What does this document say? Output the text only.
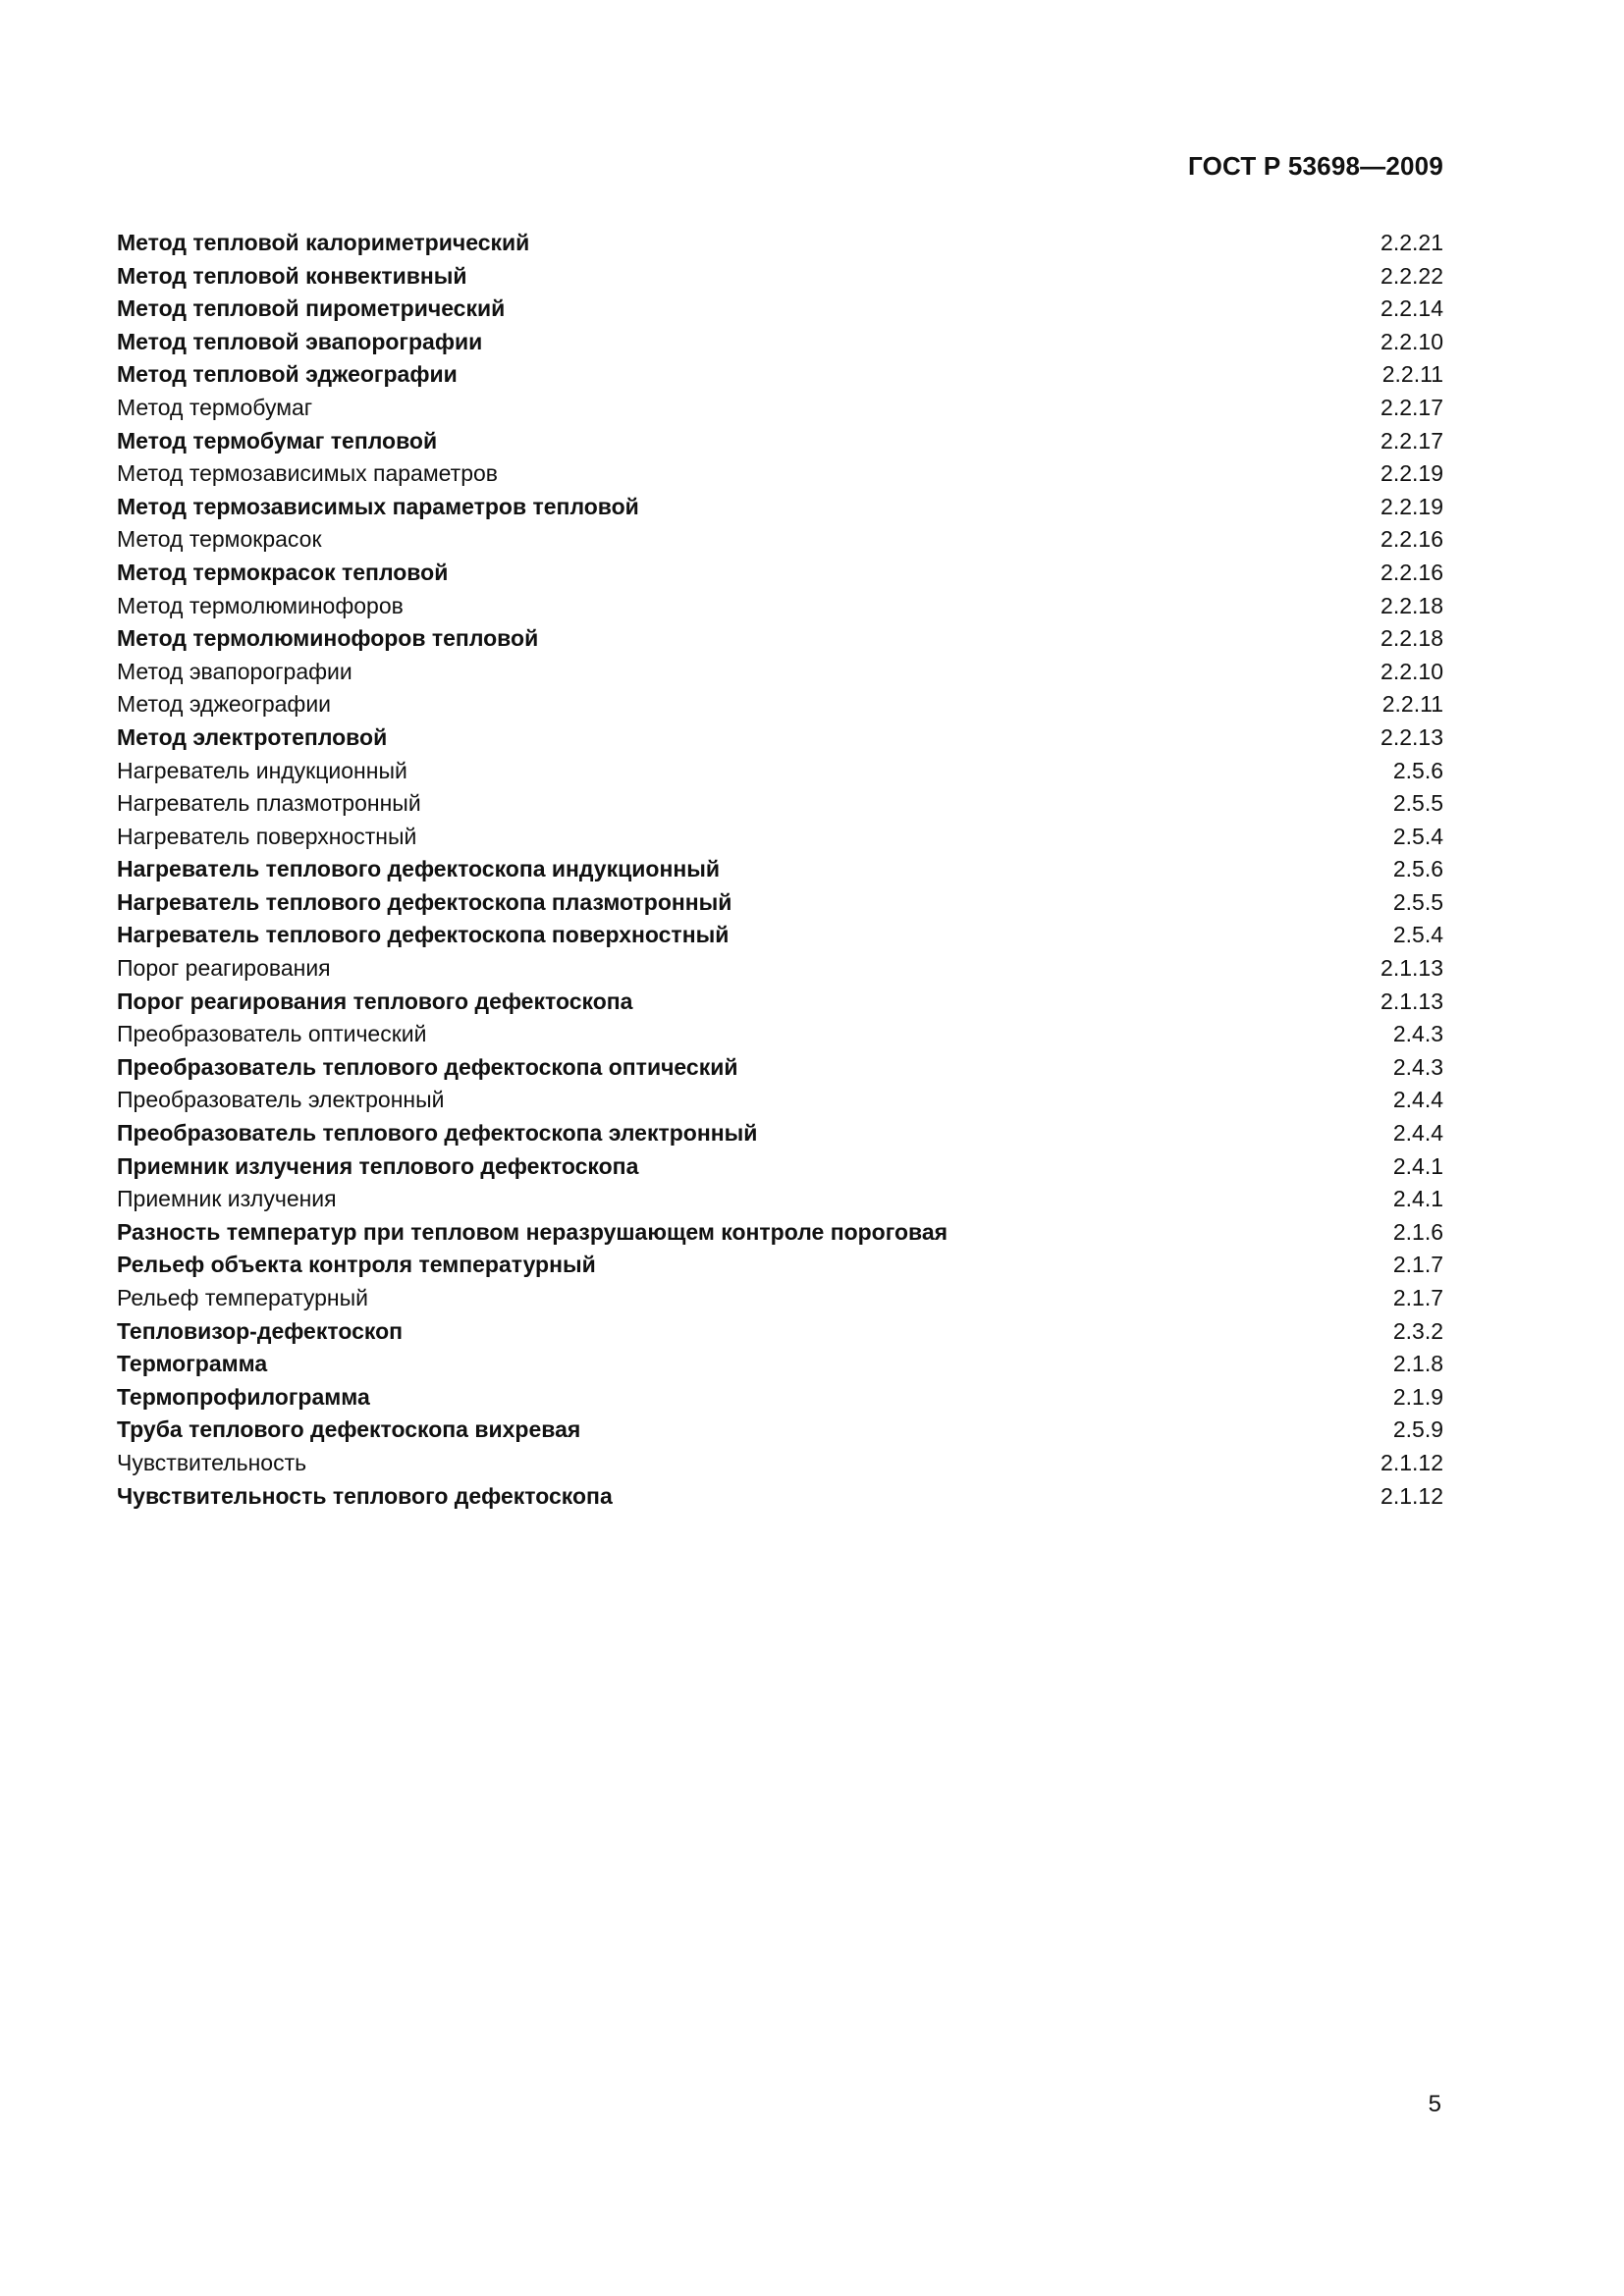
ГОСТ Р 53698—2009
Метод тепловой калориметрический	2.2.21
Метод тепловой конвективный	2.2.22
Метод тепловой пирометрический	2.2.14
Метод тепловой эвапорографии	2.2.10
Метод тепловой эджеографии	2.2.11
Метод термобумаг	2.2.17
Метод термобумаг тепловой	2.2.17
Метод термозависимых параметров	2.2.19
Метод термозависимых параметров тепловой	2.2.19
Метод термокрасок	2.2.16
Метод термокрасок тепловой	2.2.16
Метод термолюминофоров	2.2.18
Метод термолюминофоров тепловой	2.2.18
Метод эвапорографии	2.2.10
Метод эджеографии	2.2.11
Метод электротепловой	2.2.13
Нагреватель индукционный	2.5.6
Нагреватель плазмотронный	2.5.5
Нагреватель поверхностный	2.5.4
Нагреватель теплового дефектоскопа индукционный	2.5.6
Нагреватель теплового дефектоскопа плазмотронный	2.5.5
Нагреватель теплового дефектоскопа поверхностный	2.5.4
Порог реагирования	2.1.13
Порог реагирования теплового дефектоскопа	2.1.13
Преобразователь оптический	2.4.3
Преобразователь теплового дефектоскопа оптический	2.4.3
Преобразователь электронный	2.4.4
Преобразователь теплового дефектоскопа электронный	2.4.4
Приемник излучения теплового дефектоскопа	2.4.1
Приемник излучения	2.4.1
Разность температур при тепловом неразрушающем контроле пороговая	2.1.6
Рельеф объекта контроля температурный	2.1.7
Рельеф температурный	2.1.7
Тепловизор-дефектоскоп	2.3.2
Термограмма	2.1.8
Термопрофилограмма	2.1.9
Труба теплового дефектоскопа вихревая	2.5.9
Чувствительность	2.1.12
Чувствительность теплового дефектоскопа	2.1.12
5
